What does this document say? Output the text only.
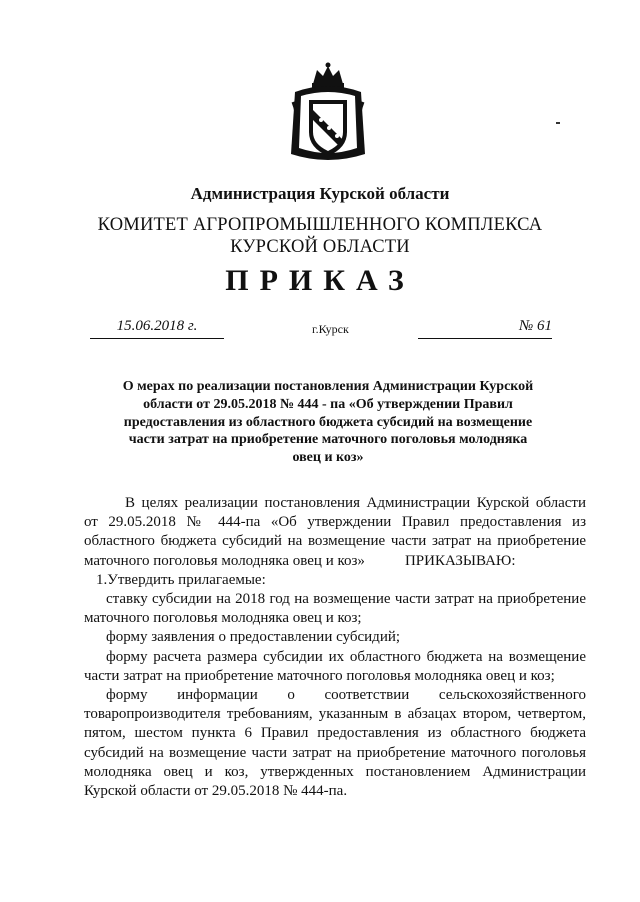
Администрация Курской области
КОМИТЕТ АГРОПРОМЫШЛЕННОГО КОМПЛЕКСА
КУРСКОЙ ОБЛАСТИ
ПРИКАЗ
15.06.2018 г.	г.Курск	№ 61
О мерах по реализации постановления Администрации Курской
области от 29.05.2018 № 444 - па «Об утверждении Правил
предоставления из областного бюджета субсидий на возмещение
части затрат на приобретение маточного поголовья молодняка
овец и коз»

В целях реализации постановления Администрации Курской области от 29.05.2018 № 444-па «Об утверждении Правил предоставления из областного бюджета субсидий на возмещение части затрат на приобретение маточного поголовья молодняка овец и коз»	ПРИКАЗЫВАЮ:

1.Утвердить прилагаемые:

ставку субсидии на 2018 год на возмещение части затрат на приобретение маточного поголовья молодняка овец и коз;

форму заявления о предоставлении субсидий;

форму расчета размера субсидии их областного бюджета на возмещение части затрат на приобретение маточного поголовья молодняка овец и коз;

форму информации о соответствии сельскохозяйственного товаропроизводителя требованиям, указанным в абзацах втором, четвертом, пятом, шестом пункта 6 Правил предоставления из областного бюджета субсидий на возмещение части затрат на приобретение маточного поголовья молодняка овец и коз, утвержденных постановлением Администрации Курской области от 29.05.2018 № 444-па.
